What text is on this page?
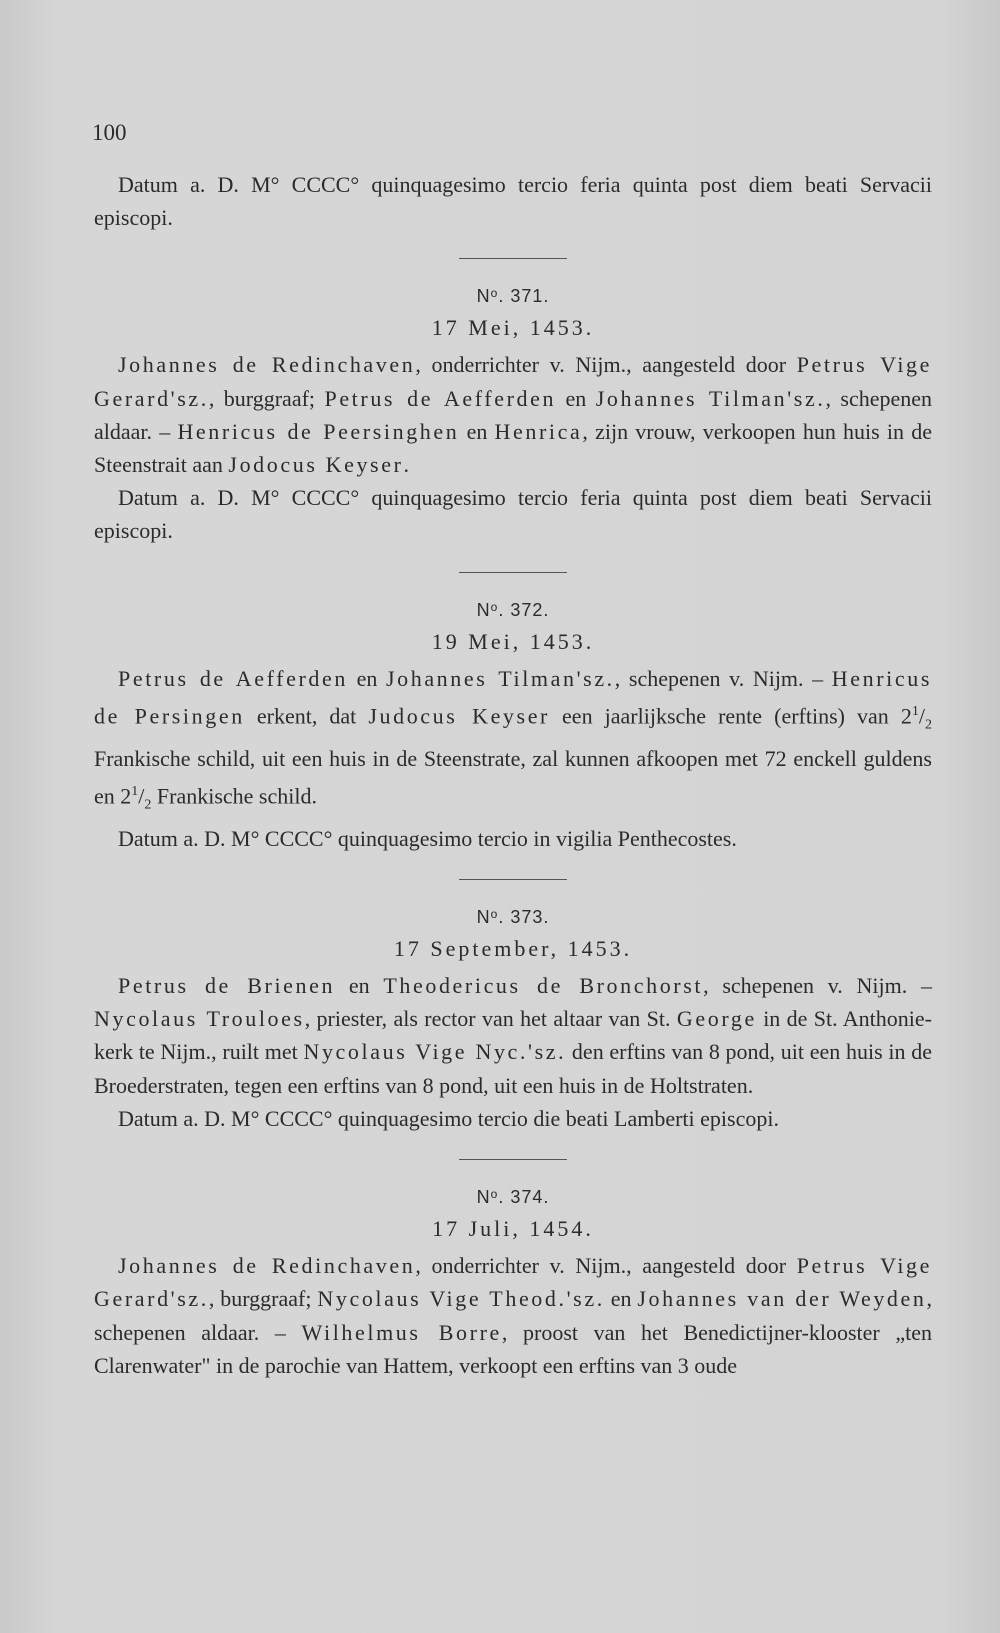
100

Datum a. D. M° CCCC° quinquagesimo tercio feria quinta post diem beati Servacii episcopi.

$N^o$. 371.
17 Mei, 1453.

Johannes de Redinchaven, onderrichter v. Nijm., aangesteld door Petrus Vige Gerard'sz., burggraaf; Petrus de Aefferden en Johannes Tilman'sz., schepenen aldaar. – Henricus de Peersinghen en Henrica, zijn vrouw, verkoopen hun huis in de Steenstrait aan Jodocus Keyser.

Datum a. D. M° CCCC° quinquagesimo tercio feria quinta post diem beati Servacii episcopi.

$N^o$. 372.
19 Mei, 1453.

Petrus de Aefferden en Johannes Tilman'sz., schepenen v. Nijm. – Henricus de Persingen erkent, dat Judocus Keyser een jaarlijksche rente (erftins) van $2^1/_2$ Frankische schild, uit een huis in de Steenstrate, zal kunnen afkoopen met 72 enckell guldens en $2^1/_2$ Frankische schild.

Datum a. D. M° CCCC° quinquagesimo tercio in vigilia Penthecostes.

$N^o$. 373.
17 September, 1453.

Petrus de Brienen en Theodericus de Bronchorst, schepenen v. Nijm. – Nycolaus Trouloes, priester, als rector van het altaar van St. George in de St. Anthonie-kerk te Nijm., ruilt met Nycolaus Vige Nyc.'sz. den erftins van 8 pond, uit een huis in de Broederstraten, tegen een erftins van 8 pond, uit een huis in de Holtstraten.

Datum a. D. M° CCCC° quinquagesimo tercio die beati Lamberti episcopi.

$N^o$. 374.
17 Juli, 1454.

Johannes de Redinchaven, onderrichter v. Nijm., aangesteld door Petrus Vige Gerard'sz., burggraaf; Nycolaus Vige Theod.'sz. en Johannes van der Weyden, schepenen aldaar. – Wilhelmus Borre, proost van het Benedictijner-klooster „ten Clarenwater" in de parochie van Hattem, verkoopt een erftins van 3 oude
